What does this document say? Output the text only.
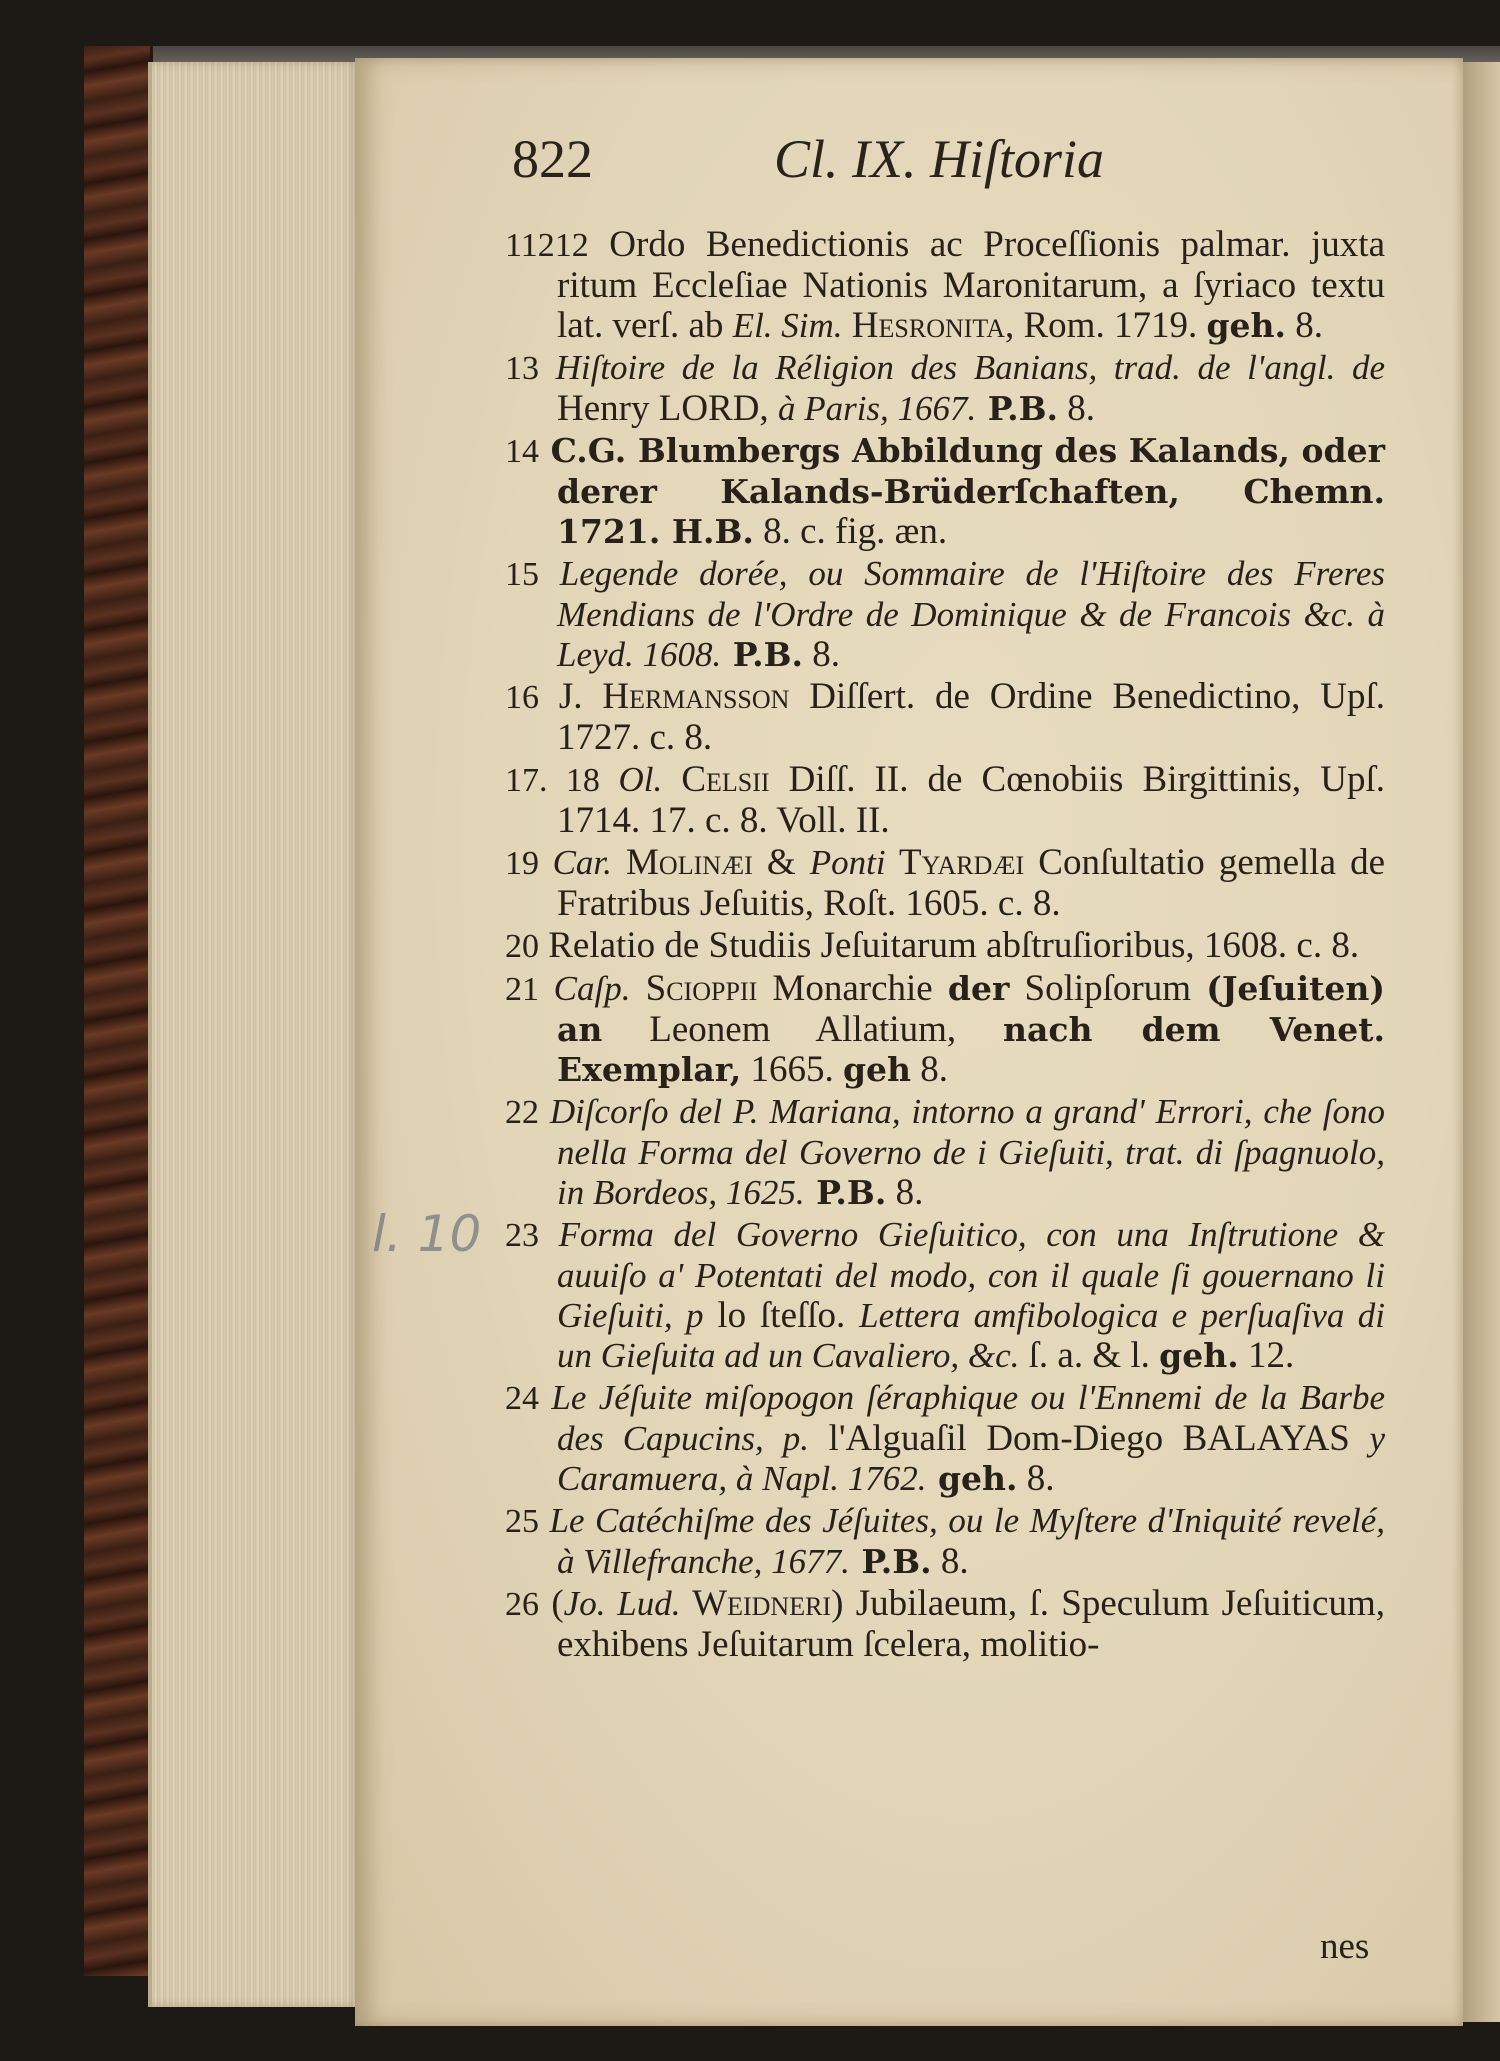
822	Cl. IX. Hiſtoria
11212 Ordo Benedictionis ac Proceſſionis palmar. juxta ritum Eccleſiae Nationis Maronitarum, a ſyriaco textu lat. verſ. ab El. Sim. Hesronita, Rom. 1719. geh. 8.
13 Hiſtoire de la Réligion des Banians, trad. de l'angl. de Henry LORD, à Paris, 1667. P.B. 8.
14 C.G. Blumbergs Abbildung des Kalands, oder derer Kalands-Brüderſchaften, Chemn. 1721. H.B. 8. c. fig. æn.
15 Legende dorée, ou Sommaire de l'Hiſtoire des Freres Mendians de l'Ordre de Dominique & de Francois &c. à Leyd. 1608. P.B. 8.
16 J. Hermansson Diſſert. de Ordine Benedictino, Upſ. 1727. c. 8.
17. 18 Ol. Celsii Diſſ. II. de Cœnobiis Birgittinis, Upſ. 1714. 17. c. 8. Voll. II.
19 Car. Molinæi & Ponti Tyardæi Conſultatio gemella de Fratribus Jeſuitis, Roſt. 1605. c. 8.
20 Relatio de Studiis Jeſuitarum abſtruſioribus, 1608. c. 8.
21 Caſp. Scioppii Monarchie der Solipſorum (Jeſuiten) an Leonem Allatium, nach dem Venet. Exemplar, 1665. geh 8.
22 Diſcorſo del P. Mariana, intorno a grand' Errori, che ſono nella Forma del Governo de i Gieſuiti, trat. di ſpagnuolo, in Bordeos, 1625. P.B. 8.
23 Forma del Governo Gieſuitico, con una Inſtrutione & auuiſo a' Potentati del modo, con il quale ſi gouernano li Gieſuiti, p lo ſteſſo. Lettera amfibologica e perſuaſiva di un Gieſuita ad un Cavaliero, &c. ſ. a. & l. geh. 12.
24 Le Jéſuite miſopogon ſéraphique ou l'Ennemi de la Barbe des Capucins, p. l'Alguaſil Dom-Diego BALAYAS y Caramuera, à Napl. 1762. geh. 8.
25 Le Catéchiſme des Jéſuites, ou le Myſtere d'Iniquité revelé, à Villefranche, 1677. P.B. 8.
26 (Jo. Lud. Weidneri) Jubilaeum, ſ. Speculum Jeſuiticum, exhibens Jeſuitarum ſcelera, molitio-
l. 10
nes
